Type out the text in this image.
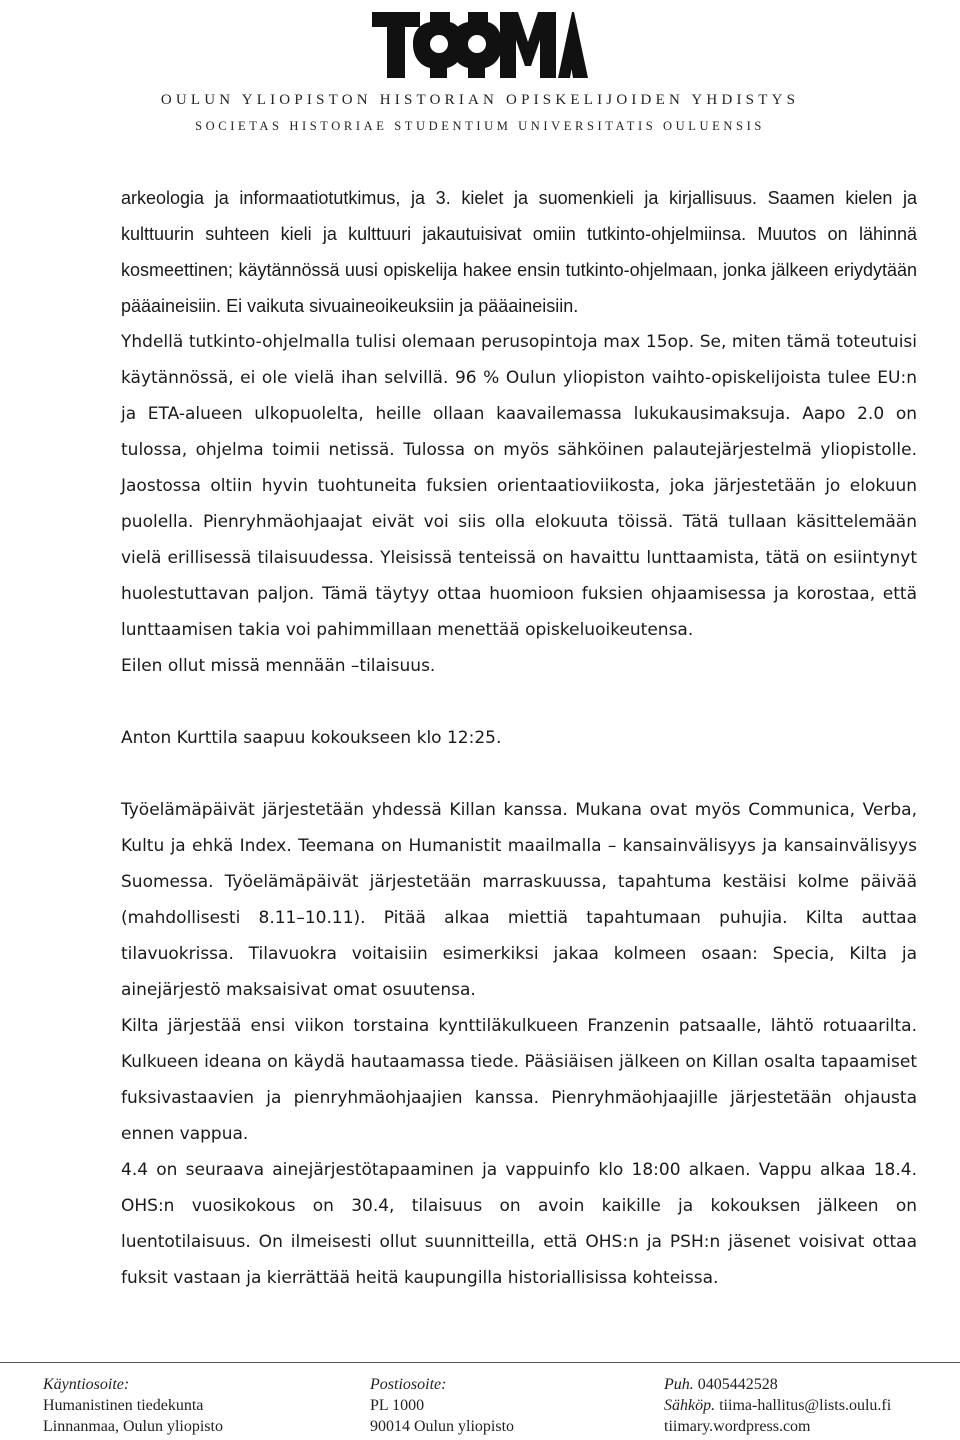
OULUN YLIOPISTON HISTORIAN OPISKELIJOIDEN YHDISTYS
SOCIETAS HISTORIAE STUDENTIUM UNIVERSITATIS OULUENSIS

arkeologia ja informaatiotutkimus, ja 3. kielet ja suomenkieli ja kirjallisuus. Saamen kielen ja kulttuurin suhteen kieli ja kulttuuri jakautuisivat omiin tutkinto-ohjelmiinsa. Muutos on lähinnä kosmeettinen; käytännössä uusi opiskelija hakee ensin tutkinto-ohjelmaan, jonka jälkeen eriydytään pääaineisiin. Ei vaikuta sivuaineoikeuksiin ja pääaineisiin.

Yhdellä tutkinto-ohjelmalla tulisi olemaan perusopintoja max 15op. Se, miten tämä toteutuisi käytännössä, ei ole vielä ihan selvillä. 96 % Oulun yliopiston vaihto-opiskelijoista tulee EU:n ja ETA-alueen ulkopuolelta, heille ollaan kaavailemassa lukukausimaksuja. Aapo 2.0 on tulossa, ohjelma toimii netissä. Tulossa on myös sähköinen palautejärjestelmä yliopistolle. Jaostossa oltiin hyvin tuohtuneita fuksien orientaatioviikosta, joka järjestetään jo elokuun puolella. Pienryhmäohjaajat eivät voi siis olla elokuuta töissä. Tätä tullaan käsittelemään vielä erillisessä tilaisuudessa. Yleisissä tenteissä on havaittu lunttaamista, tätä on esiintynyt huolestuttavan paljon. Tämä täytyy ottaa huomioon fuksien ohjaamisessa ja korostaa, että lunttaamisen takia voi pahimmillaan menettää opiskeluoikeutensa.

Eilen ollut missä mennään –tilaisuus.

Anton Kurttila saapuu kokoukseen klo 12:25.

Työelämäpäivät järjestetään yhdessä Killan kanssa. Mukana ovat myös Communica, Verba, Kultu ja ehkä Index. Teemana on Humanistit maailmalla – kansainvälisyys ja kansainvälisyys Suomessa. Työelämäpäivät järjestetään marraskuussa, tapahtuma kestäisi kolme päivää (mahdollisesti 8.11–10.11). Pitää alkaa miettiä tapahtumaan puhujia. Kilta auttaa tilavuokrissa. Tilavuokra voitaisiin esimerkiksi jakaa kolmeen osaan: Specia, Kilta ja ainejärjestö maksaisivat omat osuutensa.

Kilta järjestää ensi viikon torstaina kynttiläkulkueen Franzenin patsaalle, lähtö rotuaarilta. Kulkueen ideana on käydä hautaamassa tiede. Pääsiäisen jälkeen on Killan osalta tapaamiset fuksivastaavien ja pienryhmäohjaajien kanssa. Pienryhmäohjaajille järjestetään ohjausta ennen vappua.

4.4 on seuraava ainejärjestötapaaminen ja vappuinfo klo 18:00 alkaen. Vappu alkaa 18.4. OHS:n vuosikokous on 30.4, tilaisuus on avoin kaikille ja kokouksen jälkeen on luentotilaisuus. On ilmeisesti ollut suunnitteilla, että OHS:n ja PSH:n jäsenet voisivat ottaa fuksit vastaan ja kierrättää heitä kaupungilla historiallisissa kohteissa.

Käyntiosoite:
Humanistinen tiedekunta
Linnanmaa, Oulun yliopisto
Postiosoite:
PL 1000
90014 Oulun yliopisto
Puh. 0405442528
Sähköp. tiima-hallitus@lists.oulu.fi
tiimary.wordpress.com
